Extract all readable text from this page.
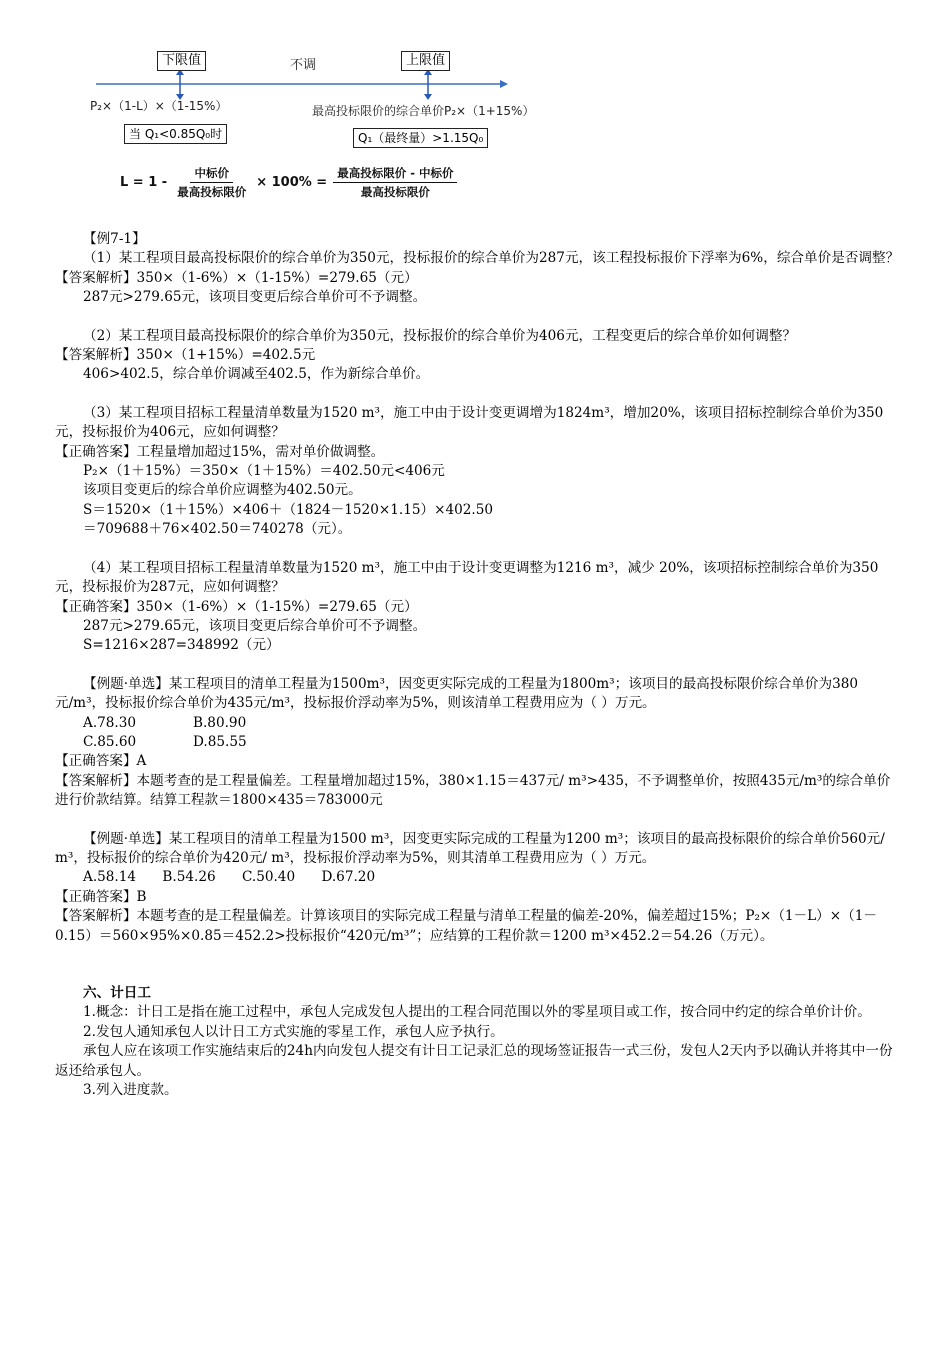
下限值	不调	上限值
P₂×（1-L）×（1-15%）	最高投标限价的综合单价P₂×（1+15%）
当 Q₁<0.85Q₀时	Q₁（最终量）>1.15Q₀
$L = 1 - \frac{\text{中标价}}{\text{最高投标限价}} \times 100\% = \frac{\text{最高投标限价 - 中标价}}{\text{最高投标限价}}$

【例7-1】

（1）某工程项目最高投标限价的综合单价为350元，投标报价的综合单价为287元，该工程投标报价下浮率为6%，综合单价是否调整？

【答案解析】350×（1-6%）×（1-15%）=279.65（元）

287元>279.65元，该项目变更后综合单价可不予调整。

（2）某工程项目最高投标限价的综合单价为350元，投标报价的综合单价为406元，工程变更后的综合单价如何调整？

【答案解析】350×（1+15%）=402.5元

406>402.5，综合单价调减至402.5，作为新综合单价。

（3）某工程项目招标工程量清单数量为1520 m³，施工中由于设计变更调增为1824m³，增加20%，该项目招标控制综合单价为350元，投标报价为406元，应如何调整？

【正确答案】工程量增加超过15%，需对单价做调整。

P₂×（1＋15%）＝350×（1＋15%）＝402.50元<406元

该项目变更后的综合单价应调整为402.50元。

S＝1520×（1＋15%）×406＋（1824－1520×1.15）×402.50

＝709688＋76×402.50＝740278（元）。

（4）某工程项目招标工程量清单数量为1520 m³，施工中由于设计变更调整为1216 m³，减少 20%，该项招标控制综合单价为350元，投标报价为287元，应如何调整？

【正确答案】350×（1-6%）×（1-15%）=279.65（元）

287元>279.65元，该项目变更后综合单价可不予调整。

S=1216×287=348992（元）

【例题·单选】某工程项目的清单工程量为1500m³，因变更实际完成的工程量为1800m³；该项目的最高投标限价综合单价为380元/m³，投标报价综合单价为435元/m³，投标报价浮动率为5%，则该清单工程费用应为（ ）万元。

A.78.30	B.80.90
C.85.60	D.85.55

【正确答案】A

【答案解析】本题考查的是工程量偏差。工程量增加超过15%，380×1.15＝437元/ m³>435，不予调整单价，按照435元/m³的综合单价进行价款结算。结算工程款＝1800×435＝783000元

【例题·单选】某工程项目的清单工程量为1500 m³，因变更实际完成的工程量为1200 m³；该项目的最高投标限价的综合单价560元/ m³，投标报价的综合单价为420元/ m³，投标报价浮动率为5%，则其清单工程费用应为（ ）万元。

A.58.14 B.54.26 C.50.40 D.67.20

【正确答案】B

【答案解析】本题考查的是工程量偏差。计算该项目的实际完成工程量与清单工程量的偏差-20%，偏差超过15%；P₂×（1－L）×（1－0.15）＝560×95%×0.85＝452.2>投标报价“420元/m³”；应结算的工程价款＝1200 m³×452.2＝54.26（万元）。

六、计日工

1.概念：计日工是指在施工过程中，承包人完成发包人提出的工程合同范围以外的零星项目或工作，按合同中约定的综合单价计价。

2.发包人通知承包人以计日工方式实施的零星工作，承包人应予执行。

承包人应在该项工作实施结束后的24h内向发包人提交有计日工记录汇总的现场签证报告一式三份，发包人2天内予以确认并将其中一份返还给承包人。

3.列入进度款。
